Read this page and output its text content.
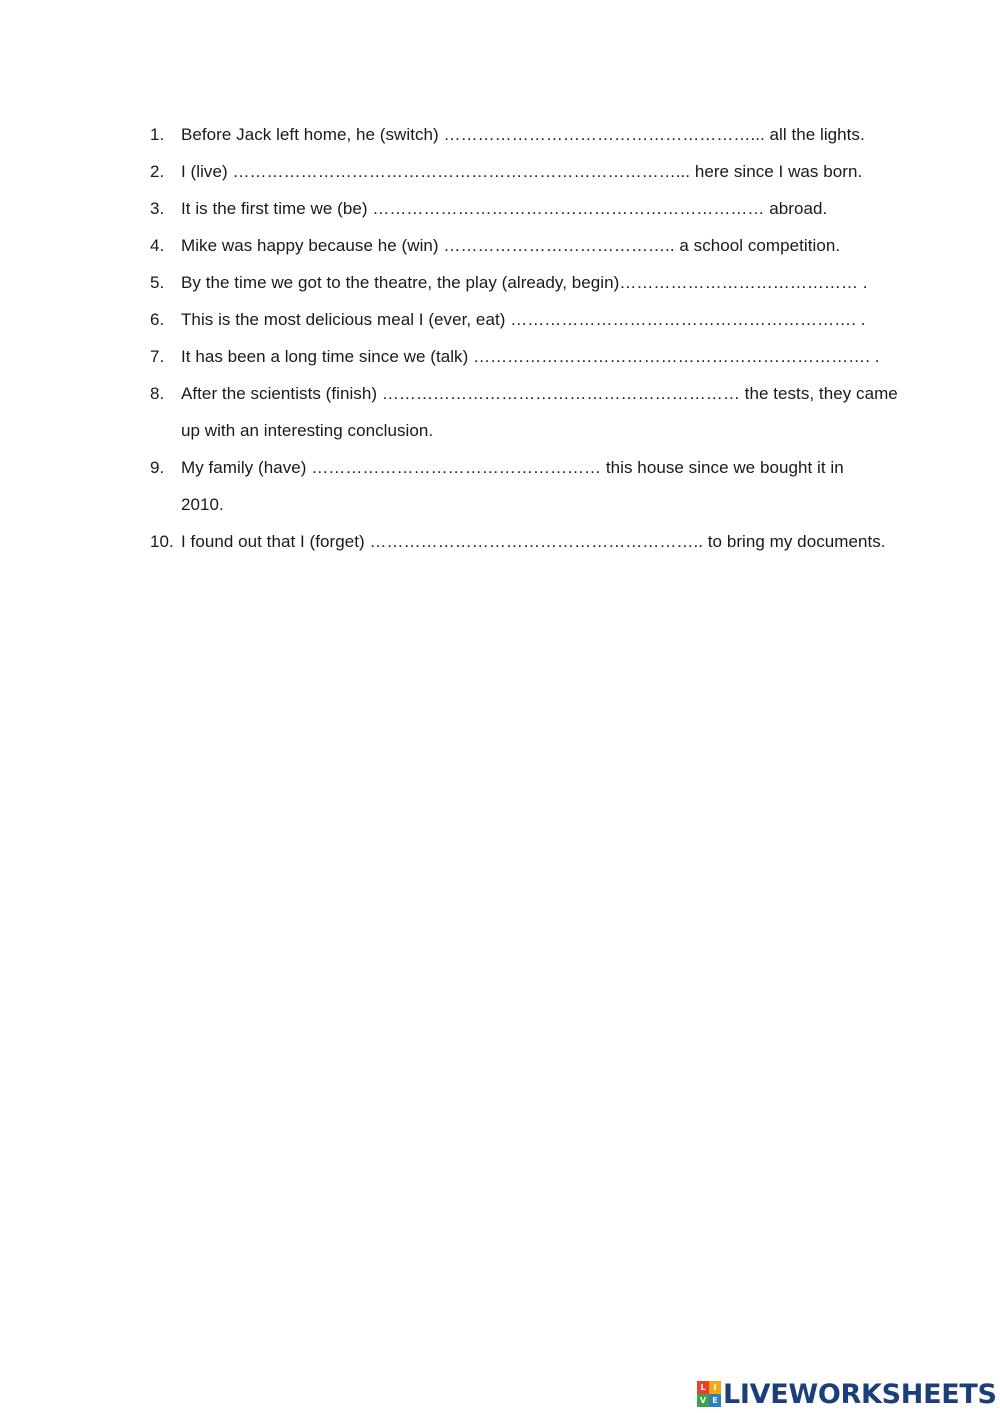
1. Before Jack left home, he (switch) ………………………………………………... all the lights.
2. I (live) ……………………………………………………………………... here since I was born.
3. It is the first time we (be) …………………………………………………………… abroad.
4. Mike was happy because he (win) ………………………………….. a school competition.
5. By the time we got to the theatre, the play (already, begin)…………………………………… .
6. This is the most delicious meal I (ever, eat) ……………………………………………………. .
7. It has been a long time since we (talk) ……………………………………………………………. .
8. After the scientists (finish) ……………………………………………………… the tests, they came
up with an interesting conclusion.
9. My family (have) …………………………………………… this house since we bought it in 2010.
10. I found out that I (forget) ………………………………………………….. to bring my documents.
L I
V E LIVEWORKSHEETS
